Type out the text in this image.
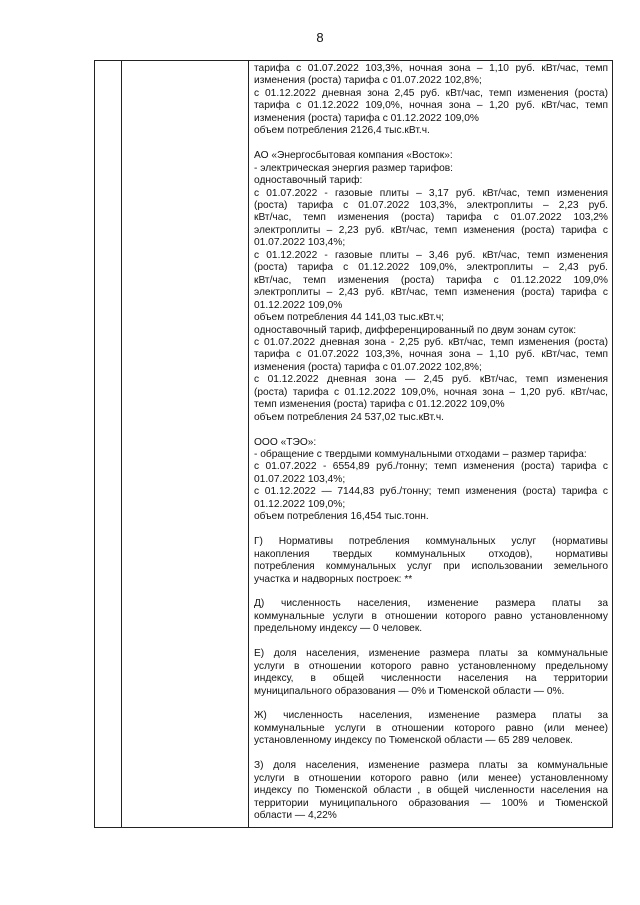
8

тарифа с 01.07.2022 103,3%, ночная зона – 1,10 руб. кВт/час, темп

изменения (роста) тарифа с 01.07.2022 102,8%;

с 01.12.2022 дневная зона 2,45 руб. кВт/час, темп изменения (роста)

тарифа с 01.12.2022 109,0%, ночная зона – 1,20 руб. кВт/час, темп

изменения (роста) тарифа с 01.12.2022 109,0%

объем потребления 2126,4 тыс.кВт.ч.

АО «Энергосбытовая компания «Восток»:

- электрическая энергия размер тарифов:

одноставочный тариф:

с 01.07.2022 - газовые плиты – 3,17 руб. кВт/час, темп изменения

(роста) тарифа с 01.07.2022 103,3%, электроплиты – 2,23 руб.

кВт/час, темп изменения (роста) тарифа с 01.07.2022 103,2%

электроплиты – 2,23 руб. кВт/час, темп изменения (роста) тарифа с

01.07.2022 103,4%;

с 01.12.2022 - газовые плиты – 3,46 руб. кВт/час, темп изменения

(роста) тарифа с 01.12.2022 109,0%, электроплиты – 2,43 руб.

кВт/час, темп изменения (роста) тарифа с 01.12.2022 109,0%

электроплиты – 2,43 руб. кВт/час, темп изменения (роста) тарифа с

01.12.2022 109,0%

объем потребления 44 141,03 тыс.кВт.ч;

одноставочный тариф, дифференцированный по двум зонам суток:

с 01.07.2022 дневная зона - 2,25 руб. кВт/час, темп изменения (роста)

тарифа с 01.07.2022 103,3%, ночная зона – 1,10 руб. кВт/час, темп

изменения (роста) тарифа с 01.07.2022 102,8%;

с 01.12.2022 дневная зона — 2,45 руб. кВт/час, темп изменения

(роста) тарифа с 01.12.2022 109,0%, ночная зона – 1,20 руб. кВт/час,

темп изменения (роста) тарифа с 01.12.2022 109,0%

объем потребления 24 537,02 тыс.кВт.ч.

ООО «ТЭО»:

- обращение с твердыми коммунальными отходами – размер тарифа:

с 01.07.2022 - 6554,89 руб./тонну; темп изменения (роста) тарифа с

01.07.2022 103,4%;

с 01.12.2022 — 7144,83 руб./тонну; темп изменения (роста) тарифа с

01.12.2022 109,0%;

объем потребления 16,454 тыс.тонн.

Г) Нормативы потребления коммунальных услуг (нормативы

накопления твердых коммунальных отходов), нормативы

потребления коммунальных услуг при использовании земельного

участка и надворных построек: **

Д) численность населения, изменение размера платы за

коммунальные услуги в отношении которого равно установленному

предельному индексу — 0 человек.

Е) доля населения, изменение размера платы за коммунальные

услуги в отношении которого равно установленному предельному

индексу, в общей численности населения на территории

муниципального образования — 0% и Тюменской области — 0%.

Ж) численность населения, изменение размера платы за

коммунальные услуги в отношении которого равно (или менее)

установленному индексу по Тюменской области — 65 289 человек.

З) доля населения, изменение размера платы за коммунальные

услуги в отношении которого равно (или менее) установленному

индексу по Тюменской области , в общей численности населения на

территории муниципального образования — 100% и Тюменской

области — 4,22%
